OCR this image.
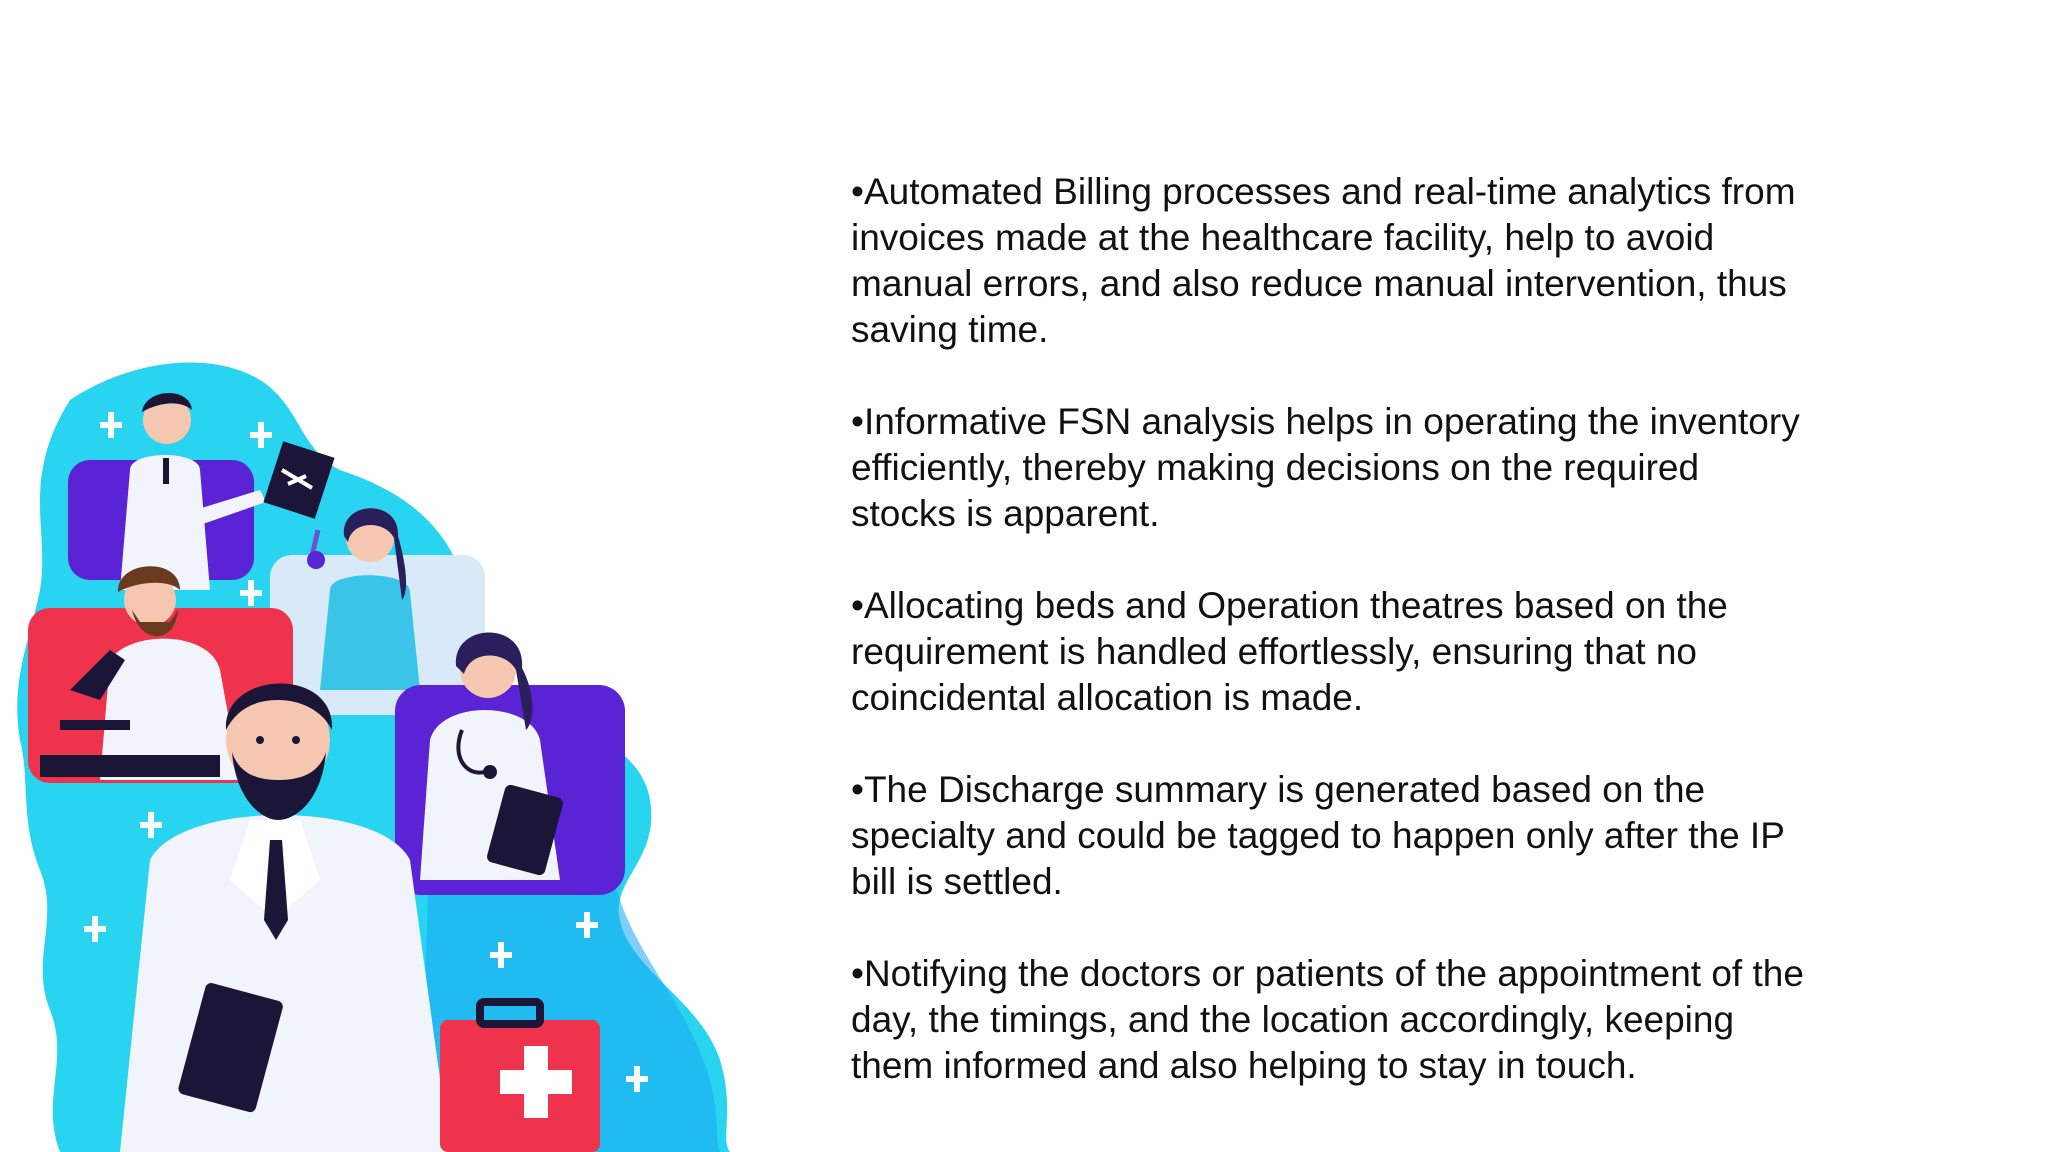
•Automated Billing processes and real-time analytics from
invoices made at the healthcare facility, help to avoid
manual errors, and also reduce manual intervention, thus
saving time.
•Informative FSN analysis helps in operating the inventory
efficiently, thereby making decisions on the required
stocks is apparent.
•Allocating beds and Operation theatres based on the
requirement is handled effortlessly, ensuring that no
coincidental allocation is made.
•The Discharge summary is generated based on the
specialty and could be tagged to happen only after the IP
bill is settled.
•Notifying the doctors or patients of the appointment of the
day, the timings, and the location accordingly, keeping
them informed and also helping to stay in touch.
